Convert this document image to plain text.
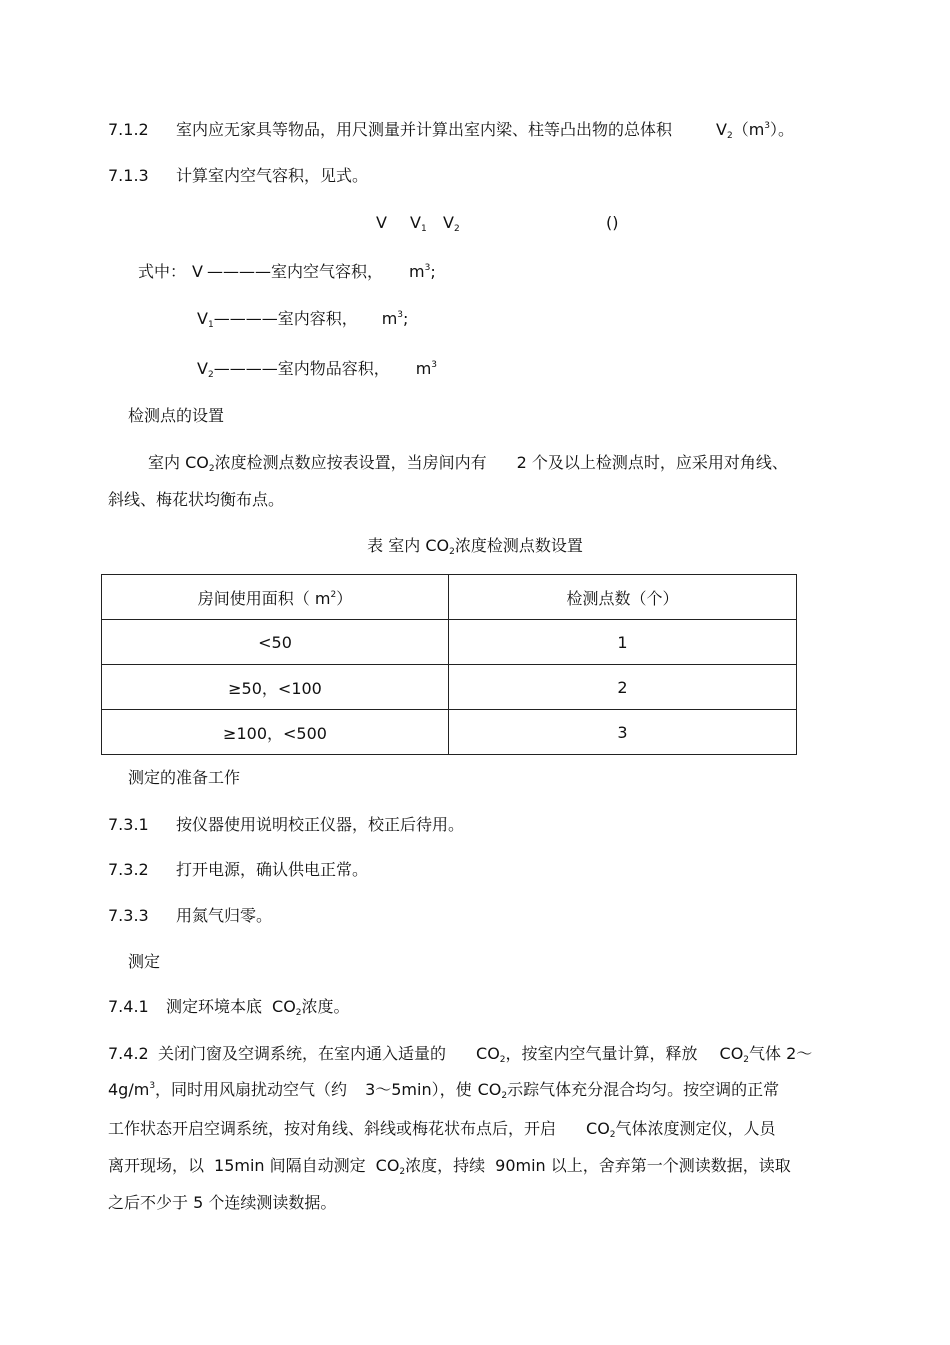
7.1.2 室内应无家具等物品，用尺测量并计算出室内梁、柱等凸出物的总体积	$V_2(m^3)$。
7.1.3 计算室内空气容积，见式。
V $V_1$ $V_2$	()
式中： V ————室内空气容积， $m^3$;
$V_1————$室内容积， $m^3$;
$V_2————$室内物品容积， $m^3$
检测点的设置
室内 $CO_2$浓度检测点数应按表设置，当房间内有 2 个及以上检测点时，应采用对角线、
斜线、梅花状均衡布点。
表 室内 $CO_2$浓度检测点数设置
房间使用面积（ $m^2$）	检测点数（个）
<50	1
≥50，<100	2
≥100，<500	3
测定的准备工作
7.3.1 按仪器使用说明校正仪器，校正后待用。
7.3.2 打开电源，确认供电正常。
7.3.3 用氮气归零。
测定
7.4.1 测定环境本底 $CO_2$浓度。
7.4.2 关闭门窗及空调系统，在室内通入适量的 $CO_2$，按室内空气量计算，释放 $CO_2$气体 2～
$4g/m^3$，同时用风扇扰动空气（约 3～5min），使 $CO_2$示踪气体充分混合均匀。按空调的正常
工作状态开启空调系统，按对角线、斜线或梅花状布点后，开启 $CO_2$气体浓度测定仪，人员
离开现场，以 15min 间隔自动测定 $CO_2$浓度，持续 90min 以上，舍弃第一个测读数据，读取
之后不少于 5 个连续测读数据。
